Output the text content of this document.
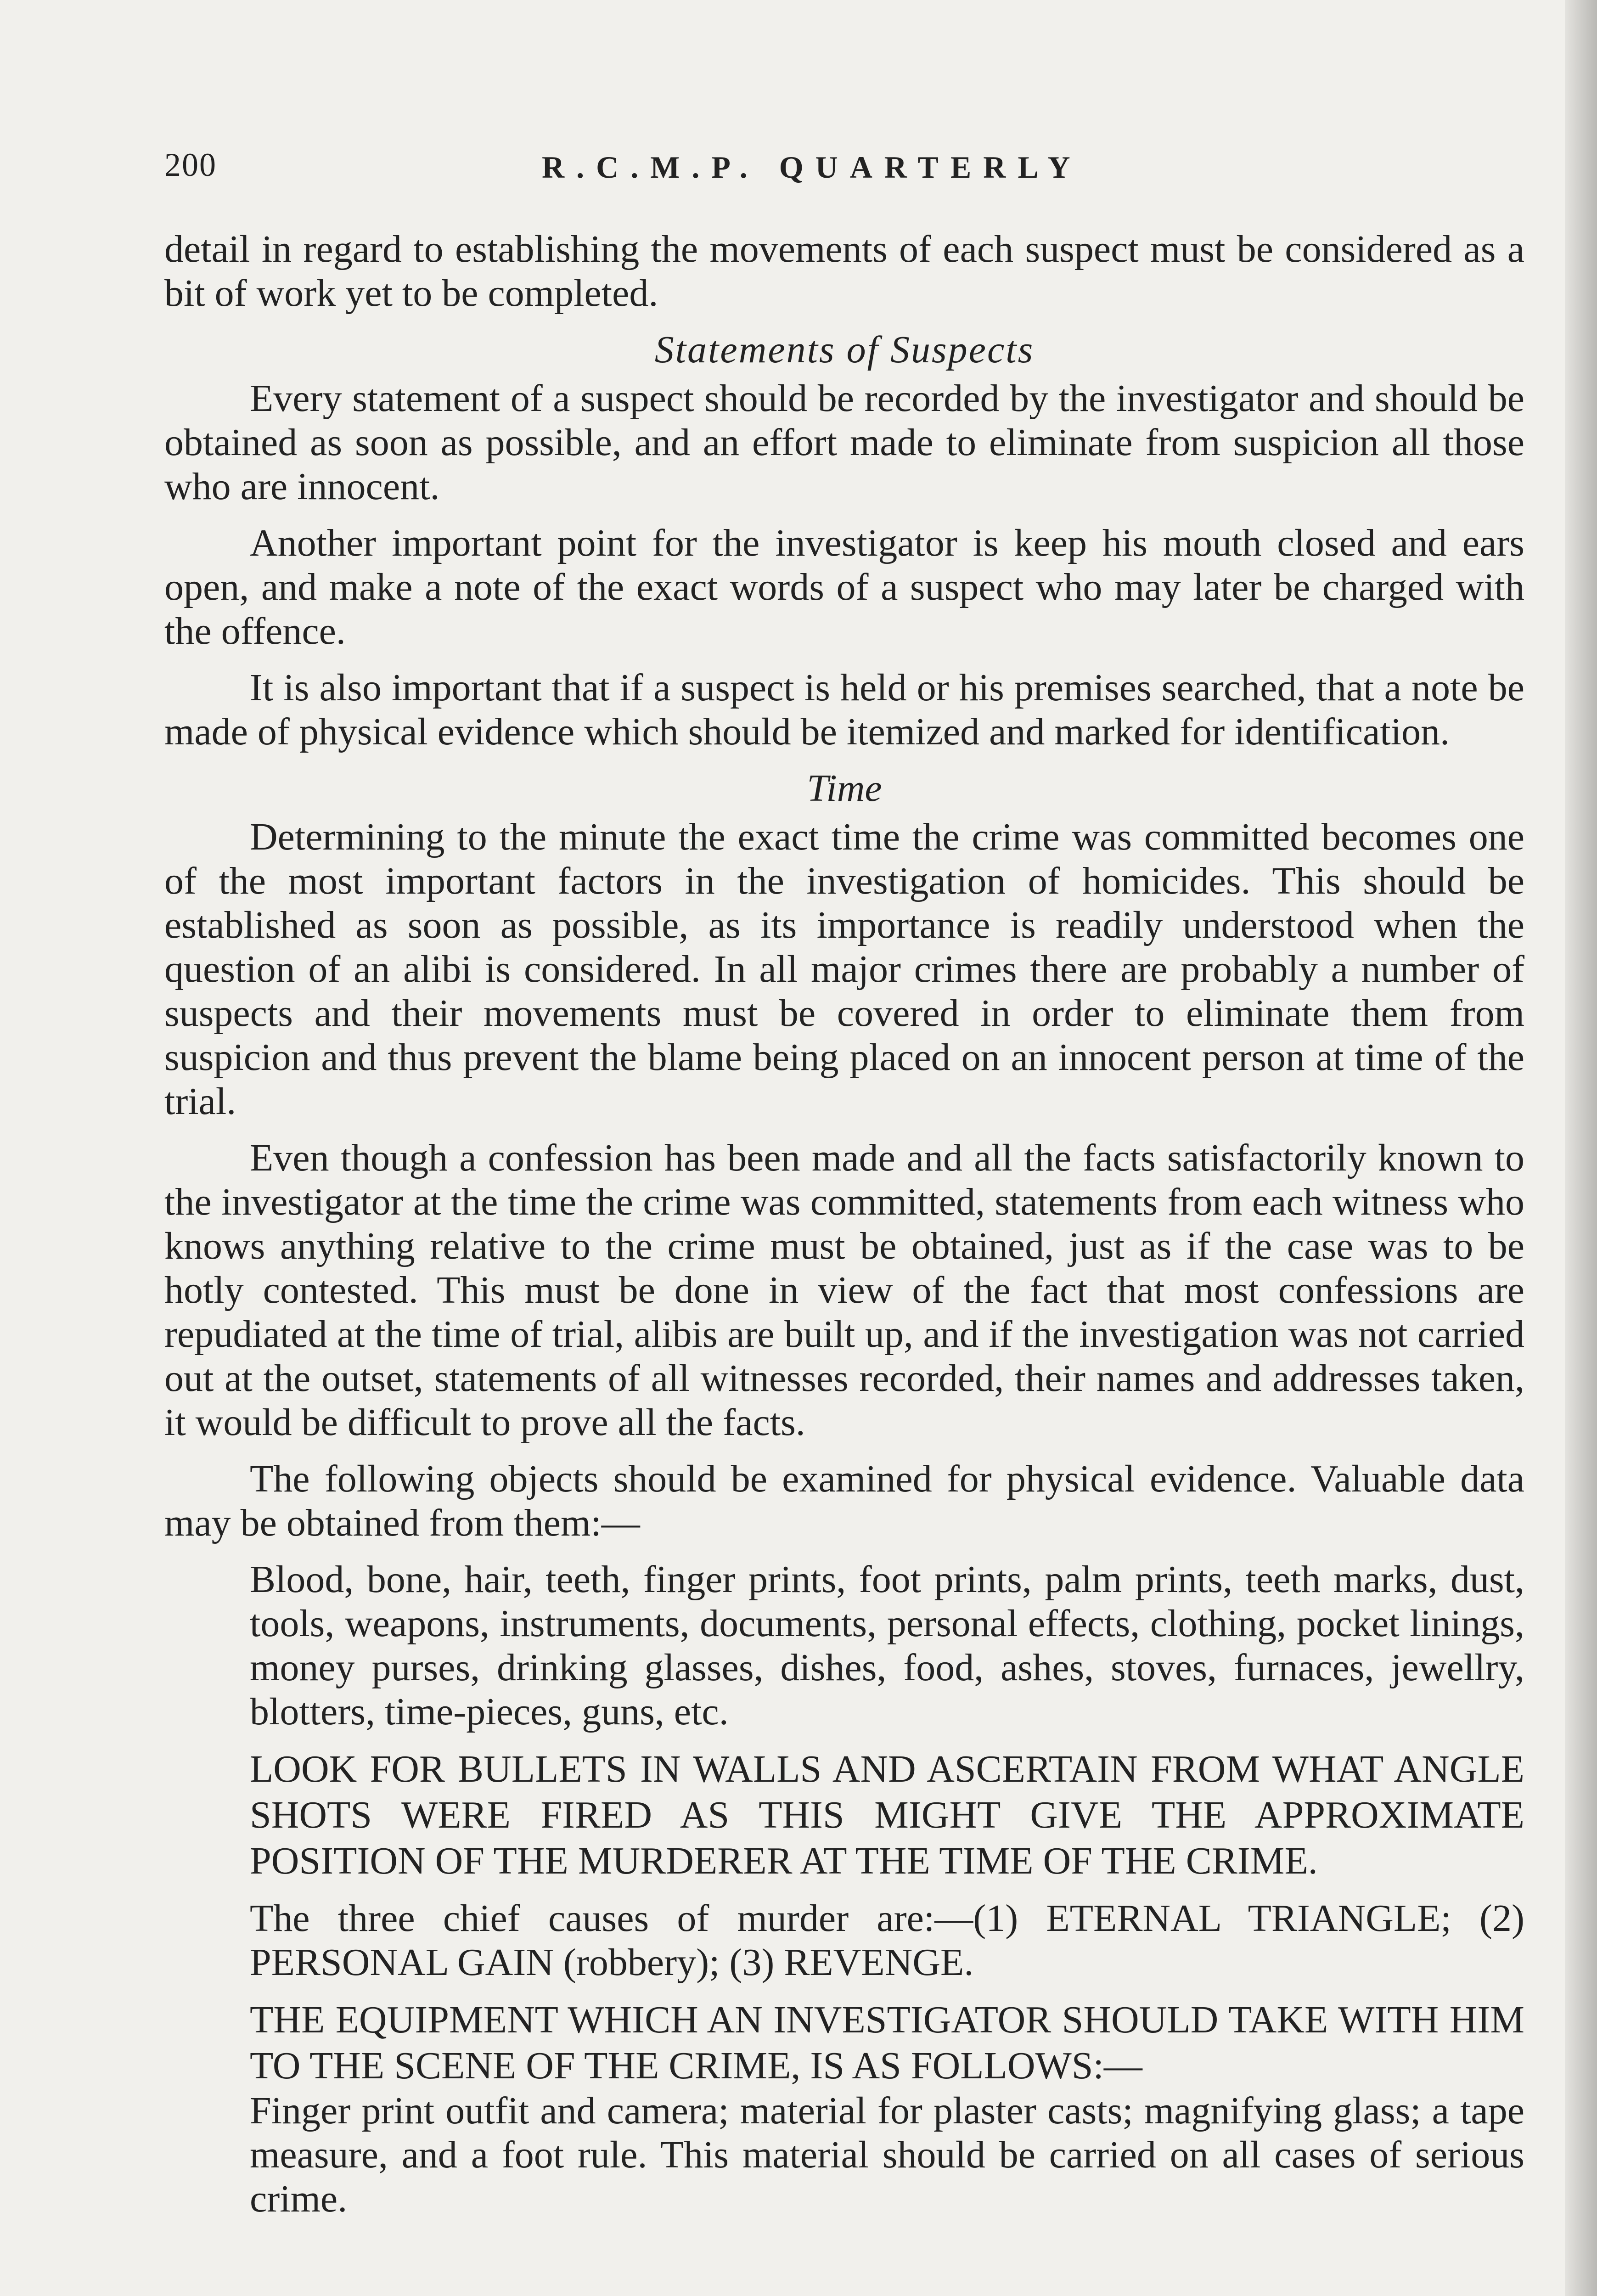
200	R.C.M.P. QUARTERLY

detail in regard to establishing the movements of each suspect must be considered as a bit of work yet to be completed.

Statements of Suspects

Every statement of a suspect should be recorded by the investigator and should be obtained as soon as possible, and an effort made to eliminate from suspicion all those who are innocent.

Another important point for the investigator is keep his mouth closed and ears open, and make a note of the exact words of a suspect who may later be charged with the offence.

It is also important that if a suspect is held or his premises searched, that a note be made of physical evidence which should be itemized and marked for identification.

Time

Determining to the minute the exact time the crime was committed becomes one of the most important factors in the investigation of homicides. This should be established as soon as possible, as its importance is readily understood when the question of an alibi is considered. In all major crimes there are probably a number of suspects and their movements must be covered in order to eliminate them from suspicion and thus prevent the blame being placed on an innocent person at time of the trial.

Even though a confession has been made and all the facts satisfactorily known to the investigator at the time the crime was committed, statements from each witness who knows anything relative to the crime must be obtained, just as if the case was to be hotly contested. This must be done in view of the fact that most confessions are repudiated at the time of trial, alibis are built up, and if the investigation was not carried out at the outset, statements of all witnesses recorded, their names and addresses taken, it would be difficult to prove all the facts.

The following objects should be examined for physical evidence. Valuable data may be obtained from them:—

Blood, bone, hair, teeth, finger prints, foot prints, palm prints, teeth marks, dust, tools, weapons, instruments, documents, personal effects, clothing, pocket linings, money purses, drinking glasses, dishes, food, ashes, stoves, furnaces, jewellry, blotters, time-pieces, guns, etc.

LOOK FOR BULLETS IN WALLS AND ASCERTAIN FROM WHAT ANGLE SHOTS WERE FIRED AS THIS MIGHT GIVE THE APPROXIMATE POSITION OF THE MURDERER AT THE TIME OF THE CRIME.

The three chief causes of murder are:—(1) ETERNAL TRIANGLE; (2) PERSONAL GAIN (robbery); (3) REVENGE.

THE EQUIPMENT WHICH AN INVESTIGATOR SHOULD TAKE WITH HIM TO THE SCENE OF THE CRIME, IS AS FOLLOWS:—

Finger print outfit and camera; material for plaster casts; magnifying glass; a tape measure, and a foot rule. This material should be carried on all cases of serious crime.
